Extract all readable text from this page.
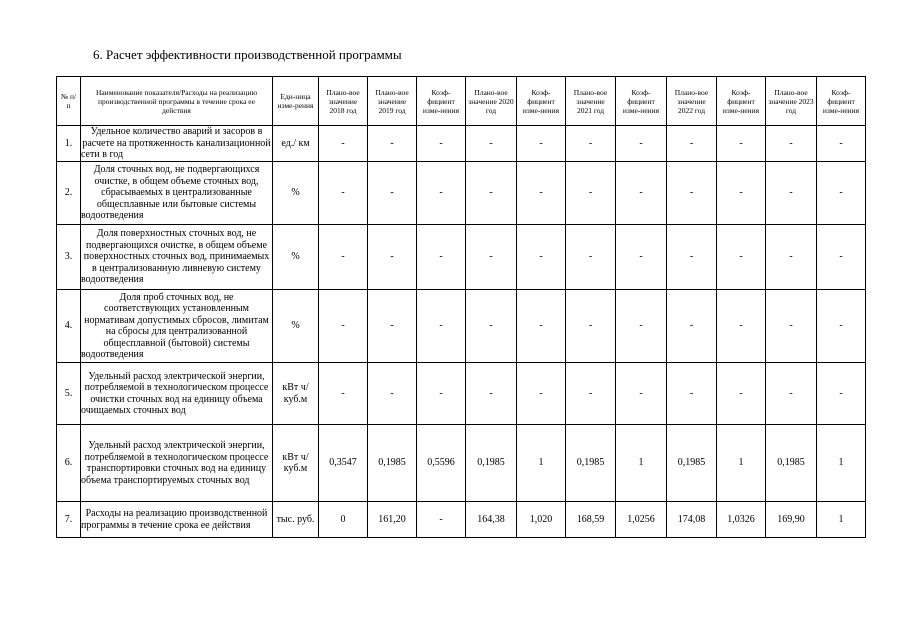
6. Расчет эффективности производственной программы
№ п/п	Наименование показателя/Расходы на реализацию производственной программы в течение срока ее действия	Еди-ница изме-рения	Плано-вое значение 2018 год	Плано-вое значение 2019 год	Коэф-фициент изме-нения	Плано-вое значение 2020 год	Коэф-фициент изме-нения	Плано-вое значение 2021 год	Коэф-фициент изме-нения	Плано-вое значение 2022 год	Коэф-фициент изме-нения	Плано-вое значение 2023 год	Коэф-фициент изме-нения
1.	Удельное количество аварий и засоров в расчете на протяженность канализационной сети в год	ед./ км	-	-	-	-	-	-	-	-	-	-	-
2.	Доля сточных вод, не подвергающихся очистке, в общем объеме сточных вод, сбрасываемых в централизованные общесплавные или бытовые системы водоотведения	%	-	-	-	-	-	-	-	-	-	-	-
3.	Доля поверхностных сточных вод, не подвергающихся очистке, в общем объеме поверхностных сточных вод, принимаемых в централизованную ливневую систему водоотведения	%	-	-	-	-	-	-	-	-	-	-	-
4.	Доля проб сточных вод, не соответствующих установленным нормативам допустимых сбросов, лимитам на сбросы для централизованной общесплавной (бытовой) системы водоотведения	%	-	-	-	-	-	-	-	-	-	-	-
5.	Удельный расход электрической энергии, потребляемой в технологическом процессе очистки сточных вод на единицу объема очищаемых сточных вод	кВт ч/куб.м	-	-	-	-	-	-	-	-	-	-	-
6.	Удельный расход электрической энергии, потребляемой в технологическом процессе транспортировки сточных вод на единицу объема транспортируемых сточных вод	кВт ч/куб.м	0,3547	0,1985	0,5596	0,1985	1	0,1985	1	0,1985	1	0,1985	1
7.	Расходы на реализацию производственной программы в течение срока ее действия	тыс. руб.	0	161,20	-	164,38	1,020	168,59	1,0256	174,08	1,0326	169,90	1
